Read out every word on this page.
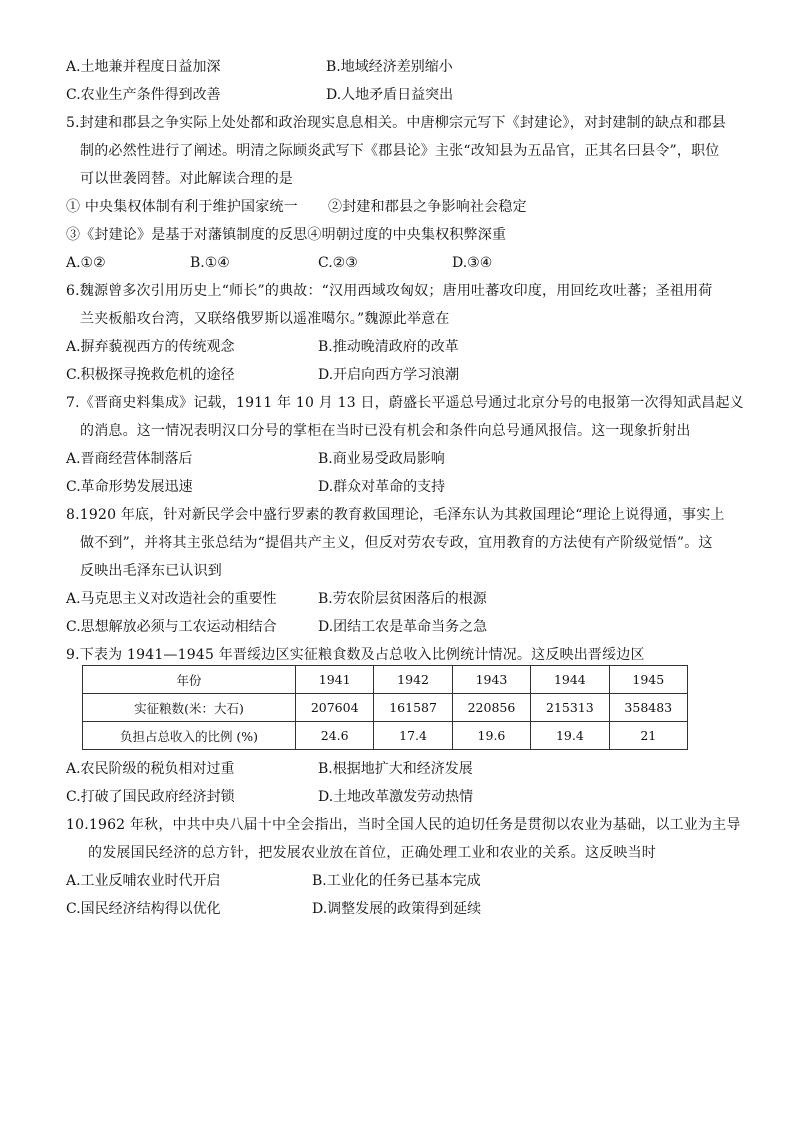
A.土地兼并程度日益加深	B.地域经济差别缩小
C.农业生产条件得到改善	D.人地矛盾日益突出
5.封建和郡县之争实际上处处都和政治现实息息相关。中唐柳宗元写下《封建论》，对封建制的缺点和郡县
制的必然性进行了阐述。明清之际顾炎武写下《郡县论》主张“改知县为五品官，正其名曰县令”，职位
可以世袭罔替。对此解读合理的是
① 中央集权体制有利于维护国家统一 ②封建和郡县之争影响社会稳定
③《封建论》是基于对藩镇制度的反思④明朝过度的中央集权积弊深重
A.①②	B.①④	C.②③	D.③④
6.魏源曾多次引用历史上“师长”的典故：“汉用西域攻匈奴；唐用吐蕃攻印度，用回纥攻吐蕃；圣祖用荷
兰夹板船攻台湾，又联络俄罗斯以遥准噶尔。”魏源此举意在
A.摒弃藐视西方的传统观念	B.推动晚清政府的改革
C.积极探寻挽救危机的途径	D.开启向西方学习浪潮
7.《晋商史料集成》记载，1911 年 10 月 13 日，蔚盛长平遥总号通过北京分号的电报第一次得知武昌起义
的消息。这一情况表明汉口分号的掌柜在当时已没有机会和条件向总号通风报信。这一现象折射出
A.晋商经营体制落后	B.商业易受政局影响
C.革命形势发展迅速	D.群众对革命的支持
8.1920 年底，针对新民学会中盛行罗素的教育救国理论，毛泽东认为其救国理论“理论上说得通，事实上
做不到”，并将其主张总结为“提倡共产主义，但反对劳农专政，宜用教育的方法使有产阶级觉悟”。这
反映出毛泽东已认识到
A.马克思主义对改造社会的重要性	B.劳农阶层贫困落后的根源
C.思想解放必须与工农运动相结合	D.团结工农是革命当务之急
9.下表为 1941—1945 年晋绥边区实征粮食数及占总收入比例统计情况。这反映出晋绥边区
年份	1941	1942	1943	1944	1945
实征粮数(米：大石)	207604	161587	220856	215313	358483
负担占总收入的比例 (%)	24.6	17.4	19.6	19.4	21
A.农民阶级的税负相对过重	B.根据地扩大和经济发展
C.打破了国民政府经济封锁	D.土地改革激发劳动热情
10.1962 年秋，中共中央八届十中全会指出，当时全国人民的迫切任务是贯彻以农业为基础，以工业为主导
的发展国民经济的总方针，把发展农业放在首位，正确处理工业和农业的关系。这反映当时
A.工业反哺农业时代开启	B.工业化的任务已基本完成
C.国民经济结构得以优化	D.调整发展的政策得到延续
